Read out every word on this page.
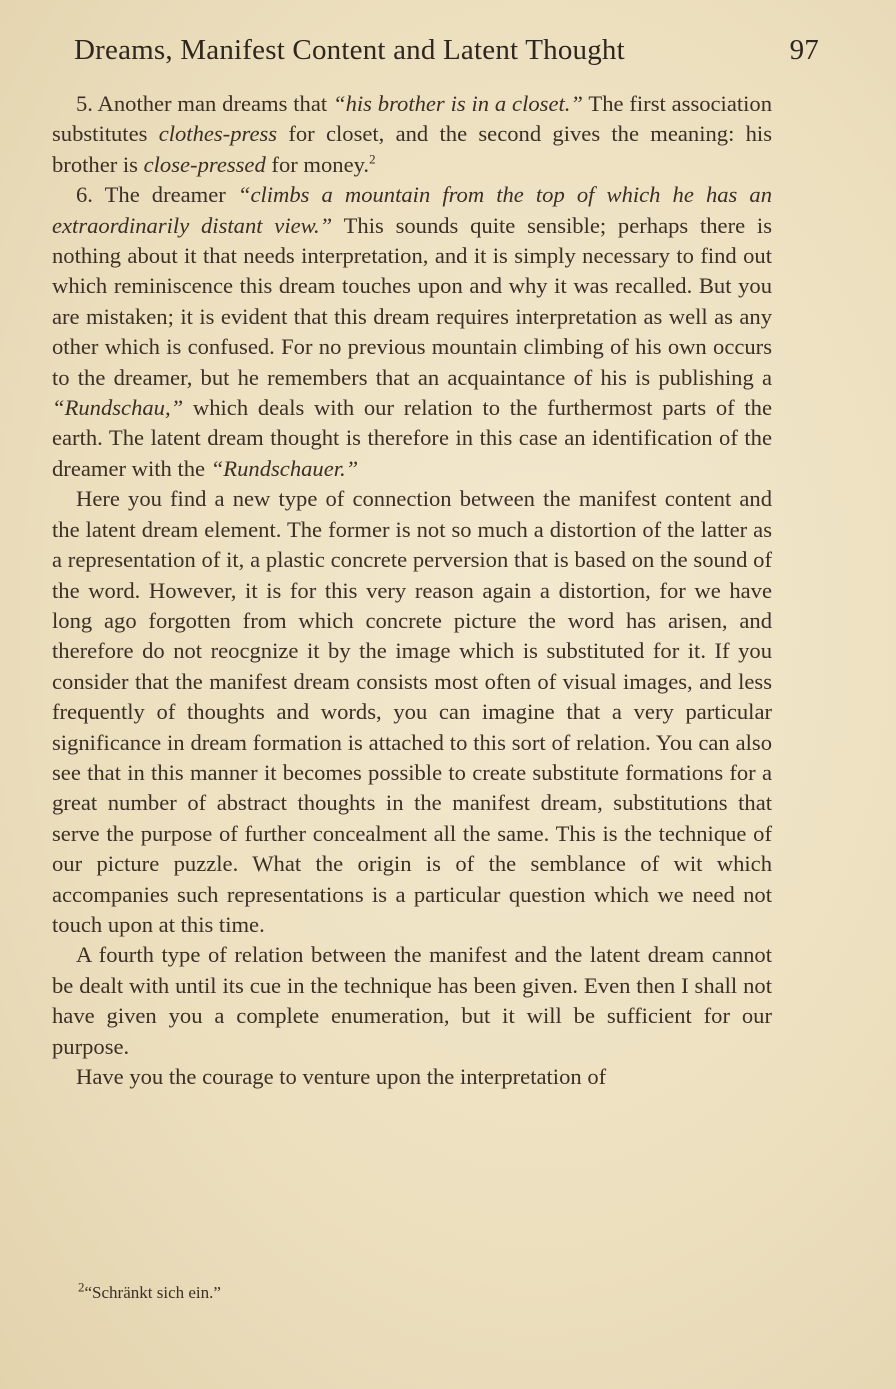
Dreams, Manifest Content and Latent Thought	97

5. Another man dreams that “his brother is in a closet.” The first association substitutes clothes-press for closet, and the second gives the meaning: his brother is close-pressed for money.$^2$

6. The dreamer “climbs a mountain from the top of which he has an extraordinarily distant view.” This sounds quite sensible; perhaps there is nothing about it that needs interpretation, and it is simply necessary to find out which reminiscence this dream touches upon and why it was recalled. But you are mistaken; it is evident that this dream requires interpretation as well as any other which is confused. For no previous mountain climbing of his own occurs to the dreamer, but he remembers that an acquaintance of his is publishing a “Rundschau,” which deals with our relation to the furthermost parts of the earth. The latent dream thought is therefore in this case an identification of the dreamer with the “Rundschauer.”

Here you find a new type of connection between the manifest content and the latent dream element. The former is not so much a distortion of the latter as a representation of it, a plastic concrete perversion that is based on the sound of the word. However, it is for this very reason again a distortion, for we have long ago forgotten from which concrete picture the word has arisen, and therefore do not reocgnize it by the image which is substituted for it. If you consider that the manifest dream consists most often of visual images, and less frequently of thoughts and words, you can imagine that a very particular significance in dream formation is attached to this sort of relation. You can also see that in this manner it becomes possible to create substitute formations for a great number of abstract thoughts in the manifest dream, substitutions that serve the purpose of further concealment all the same. This is the technique of our picture puzzle. What the origin is of the semblance of wit which accompanies such representations is a particular question which we need not touch upon at this time.

A fourth type of relation between the manifest and the latent dream cannot be dealt with until its cue in the technique has been given. Even then I shall not have given you a complete enumeration, but it will be sufficient for our purpose.

Have you the courage to venture upon the interpretation of

$^2$“Schränkt sich ein.”
